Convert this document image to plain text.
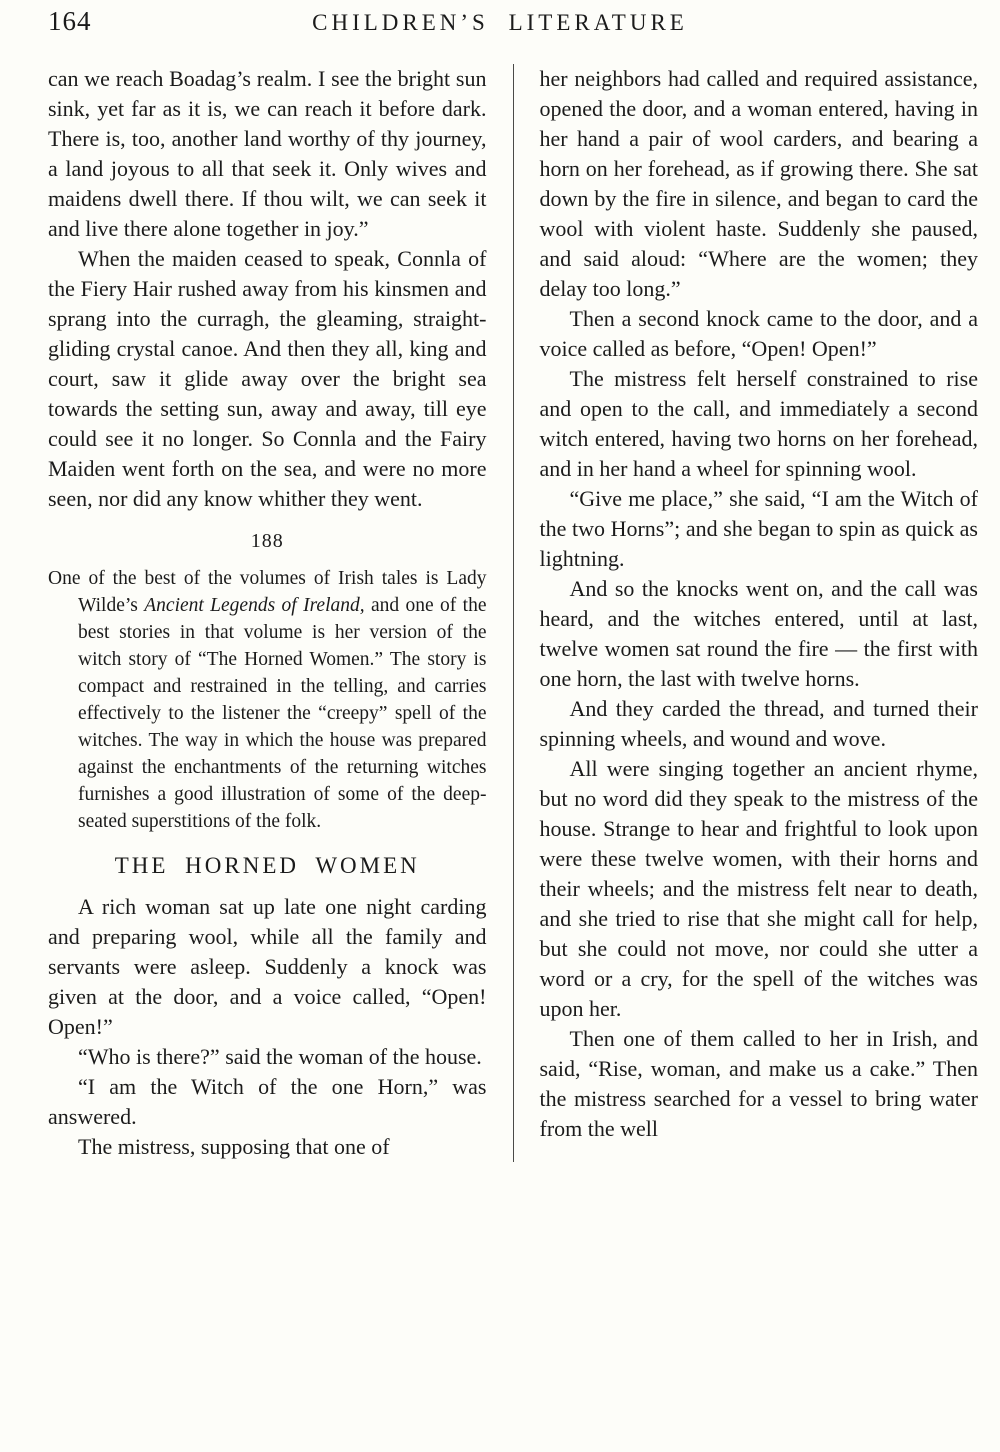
164	CHILDREN’S LITERATURE

can we reach Boadag’s realm. I see the bright sun sink, yet far as it is, we can reach it before dark. There is, too, another land worthy of thy journey, a land joyous to all that seek it. Only wives and maidens dwell there. If thou wilt, we can seek it and live there alone together in joy.”

When the maiden ceased to speak, Connla of the Fiery Hair rushed away from his kinsmen and sprang into the curragh, the gleaming, straight-gliding crystal canoe. And then they all, king and court, saw it glide away over the bright sea towards the setting sun, away and away, till eye could see it no longer. So Connla and the Fairy Maiden went forth on the sea, and were no more seen, nor did any know whither they went.

188

One of the best of the volumes of Irish tales is Lady Wilde’s Ancient Legends of Ireland, and one of the best stories in that volume is her version of the witch story of “The Horned Women.” The story is compact and restrained in the telling, and carries effectively to the listener the “creepy” spell of the witches. The way in which the house was prepared against the enchantments of the returning witches furnishes a good illustration of some of the deep-seated superstitions of the folk.

THE HORNED WOMEN

A rich woman sat up late one night carding and preparing wool, while all the family and servants were asleep. Suddenly a knock was given at the door, and a voice called, “Open! Open!”

“Who is there?” said the woman of the house.

“I am the Witch of the one Horn,” was answered.

The mistress, supposing that one of

her neighbors had called and required assistance, opened the door, and a woman entered, having in her hand a pair of wool carders, and bearing a horn on her forehead, as if growing there. She sat down by the fire in silence, and began to card the wool with violent haste. Suddenly she paused, and said aloud: “Where are the women; they delay too long.”

Then a second knock came to the door, and a voice called as before, “Open! Open!”

The mistress felt herself constrained to rise and open to the call, and immediately a second witch entered, having two horns on her forehead, and in her hand a wheel for spinning wool.

“Give me place,” she said, “I am the Witch of the two Horns”; and she began to spin as quick as lightning.

And so the knocks went on, and the call was heard, and the witches entered, until at last, twelve women sat round the fire — the first with one horn, the last with twelve horns.

And they carded the thread, and turned their spinning wheels, and wound and wove.

All were singing together an ancient rhyme, but no word did they speak to the mistress of the house. Strange to hear and frightful to look upon were these twelve women, with their horns and their wheels; and the mistress felt near to death, and she tried to rise that she might call for help, but she could not move, nor could she utter a word or a cry, for the spell of the witches was upon her.

Then one of them called to her in Irish, and said, “Rise, woman, and make us a cake.” Then the mistress searched for a vessel to bring water from the well
